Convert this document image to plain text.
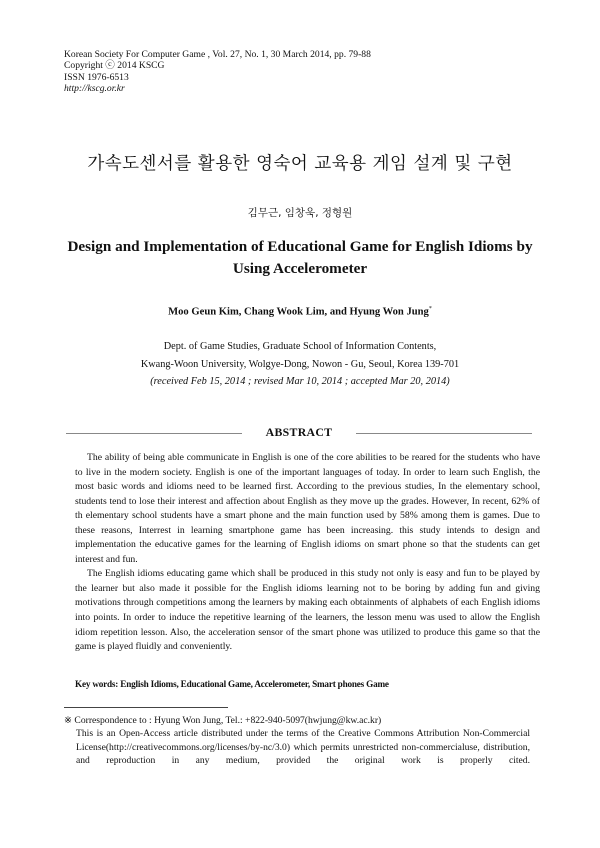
Korean Society For Computer Game , Vol. 27, No. 1, 30 March 2014, pp. 79-88
Copyright ⓒ 2014 KSCG
ISSN 1976-6513
http://kscg.or.kr
가속도센서를 활용한 영숙어 교육용 게임 설계 및 구현
김무근, 임창욱, 정형원
Design and Implementation of Educational Game for English Idioms by
Using Accelerometer
Moo Geun Kim, Chang Wook Lim, and Hyung Won Jung*
Dept. of Game Studies, Graduate School of Information Contents,
Kwang-Woon University, Wolgye-Dong, Nowon - Gu, Seoul, Korea 139-701
(received Feb 15, 2014 ; revised Mar 10, 2014 ; accepted Mar 20, 2014)
ABSTRACT

The ability of being able communicate in English is one of the core abilities to be reared for the students who have to live in the modern society. English is one of the important languages of today. In order to learn such English, the most basic words and idioms need to be learned first. According to the previous studies, In the elementary school, students tend to lose their interest and affection about English as they move up the grades. However, In recent, 62% of th elementary school students have a smart phone and the main function used by 58% among them is games. Due to these reasons, Interrest in learning smartphone game has been increasing. this study intends to design and implementation the educative games for the learning of English idioms on smart phone so that the students can get interest and fun.

The English idioms educating game which shall be produced in this study not only is easy and fun to be played by the learner but also made it possible for the English idioms learning not to be boring by adding fun and giving motivations through competitions among the learners by making each obtainments of alphabets of each English idioms into points. In order to induce the repetitive learning of the learners, the lesson menu was used to allow the English idiom repetition lesson. Also, the acceleration sensor of the smart phone was utilized to produce this game so that the game is played fluidly and conveniently.

Key words: English Idioms, Educational Game, Accelerometer, Smart phones Game
※ Correspondence to : Hyung Won Jung, Tel.: +822-940-5097(hwjung@kw.ac.kr)
This is an Open-Access article distributed under the terms of the Creative Commons Attribution Non-Commercial License(http://creativecommons.org/licenses/by-nc/3.0) which permits unrestricted non-commercialuse, distribution, and reproduction in any medium, provided the original work is properly cited.
